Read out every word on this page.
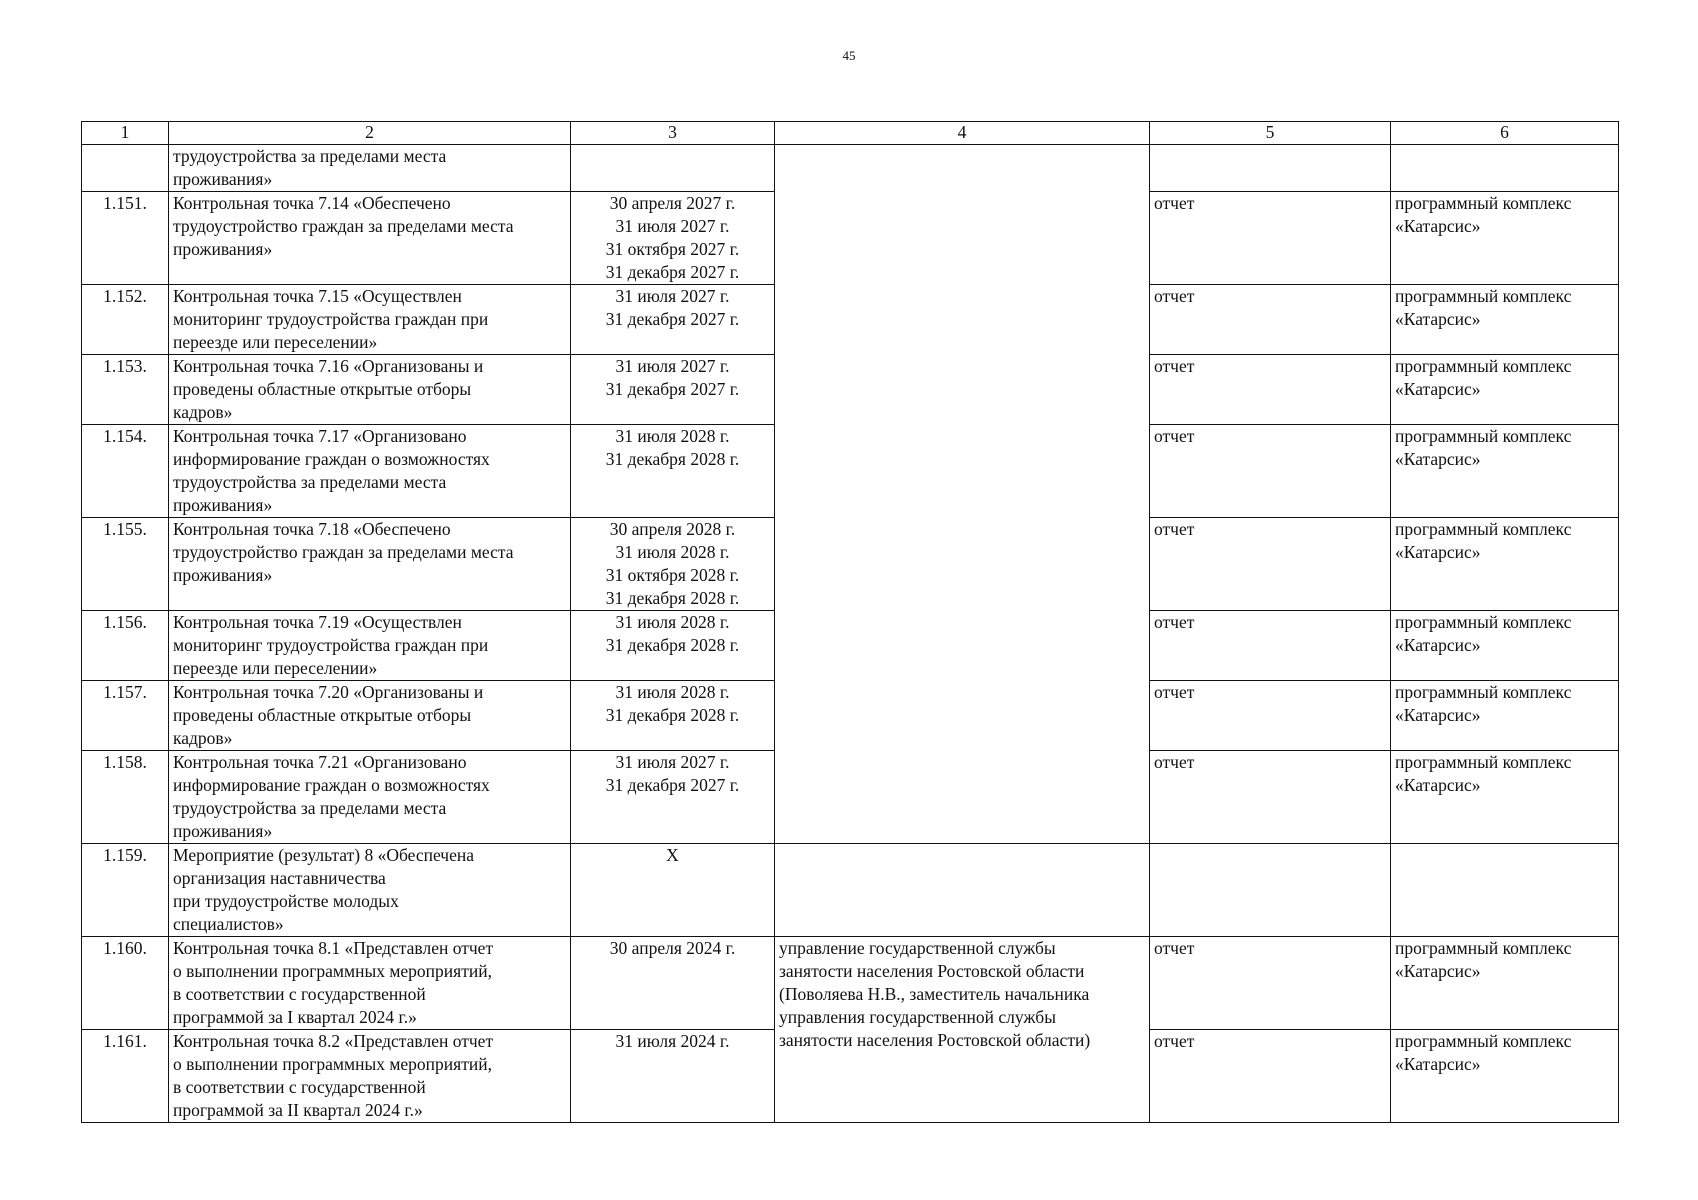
45
1	2	3	4	5	6

	трудоустройства за пределами места
проживания»				

1.151.	Контрольная точка 7.14 «Обеспечено
трудоустройство граждан за пределами места
проживания»	30 апреля 2027 г.
31 июля 2027 г.
31 октября 2027 г.
31 декабря 2027 г.		отчет	программный комплекс
«Катарсис»

1.152.	Контрольная точка 7.15 «Осуществлен
мониторинг трудоустройства граждан при
переезде или переселении»	31 июля 2027 г.
31 декабря 2027 г.		отчет	программный комплекс
«Катарсис»

1.153.	Контрольная точка 7.16 «Организованы и
проведены областные открытые отборы
кадров»	31 июля 2027 г.
31 декабря 2027 г.		отчет	программный комплекс
«Катарсис»

1.154.	Контрольная точка 7.17 «Организовано
информирование граждан о возможностях
трудоустройства за пределами места
проживания»	31 июля 2028 г.
31 декабря 2028 г.		отчет	программный комплекс
«Катарсис»

1.155.	Контрольная точка 7.18 «Обеспечено
трудоустройство граждан за пределами места
проживания»	30 апреля 2028 г.
31 июля 2028 г.
31 октября 2028 г.
31 декабря 2028 г.		отчет	программный комплекс
«Катарсис»

1.156.	Контрольная точка 7.19 «Осуществлен
мониторинг трудоустройства граждан при
переезде или переселении»	31 июля 2028 г.
31 декабря 2028 г.		отчет	программный комплекс
«Катарсис»

1.157.	Контрольная точка 7.20 «Организованы и
проведены областные открытые отборы
кадров»	31 июля 2028 г.
31 декабря 2028 г.		отчет	программный комплекс
«Катарсис»

1.158.	Контрольная точка 7.21 «Организовано
информирование граждан о возможностях
трудоустройства за пределами места
проживания»	31 июля 2027 г.
31 декабря 2027 г.		отчет	программный комплекс
«Катарсис»

1.159.	Мероприятие (результат) 8 «Обеспечена
организация наставничества
при трудоустройстве молодых
специалистов»	Х			

1.160.	Контрольная точка 8.1 «Представлен отчет
о выполнении программных мероприятий,
в соответствии с государственной
программой за I квартал 2024 г.»	30 апреля 2024 г.	управление государственной службы
занятости населения Ростовской области
(Поволяева Н.В., заместитель начальника
управления государственной службы
занятости населения Ростовской области)	отчет	программный комплекс
«Катарсис»

1.161.	Контрольная точка 8.2 «Представлен отчет
о выполнении программных мероприятий,
в соответствии с государственной
программой за II квартал 2024 г.»	31 июля 2024 г.		отчет	программный комплекс
«Катарсис»
